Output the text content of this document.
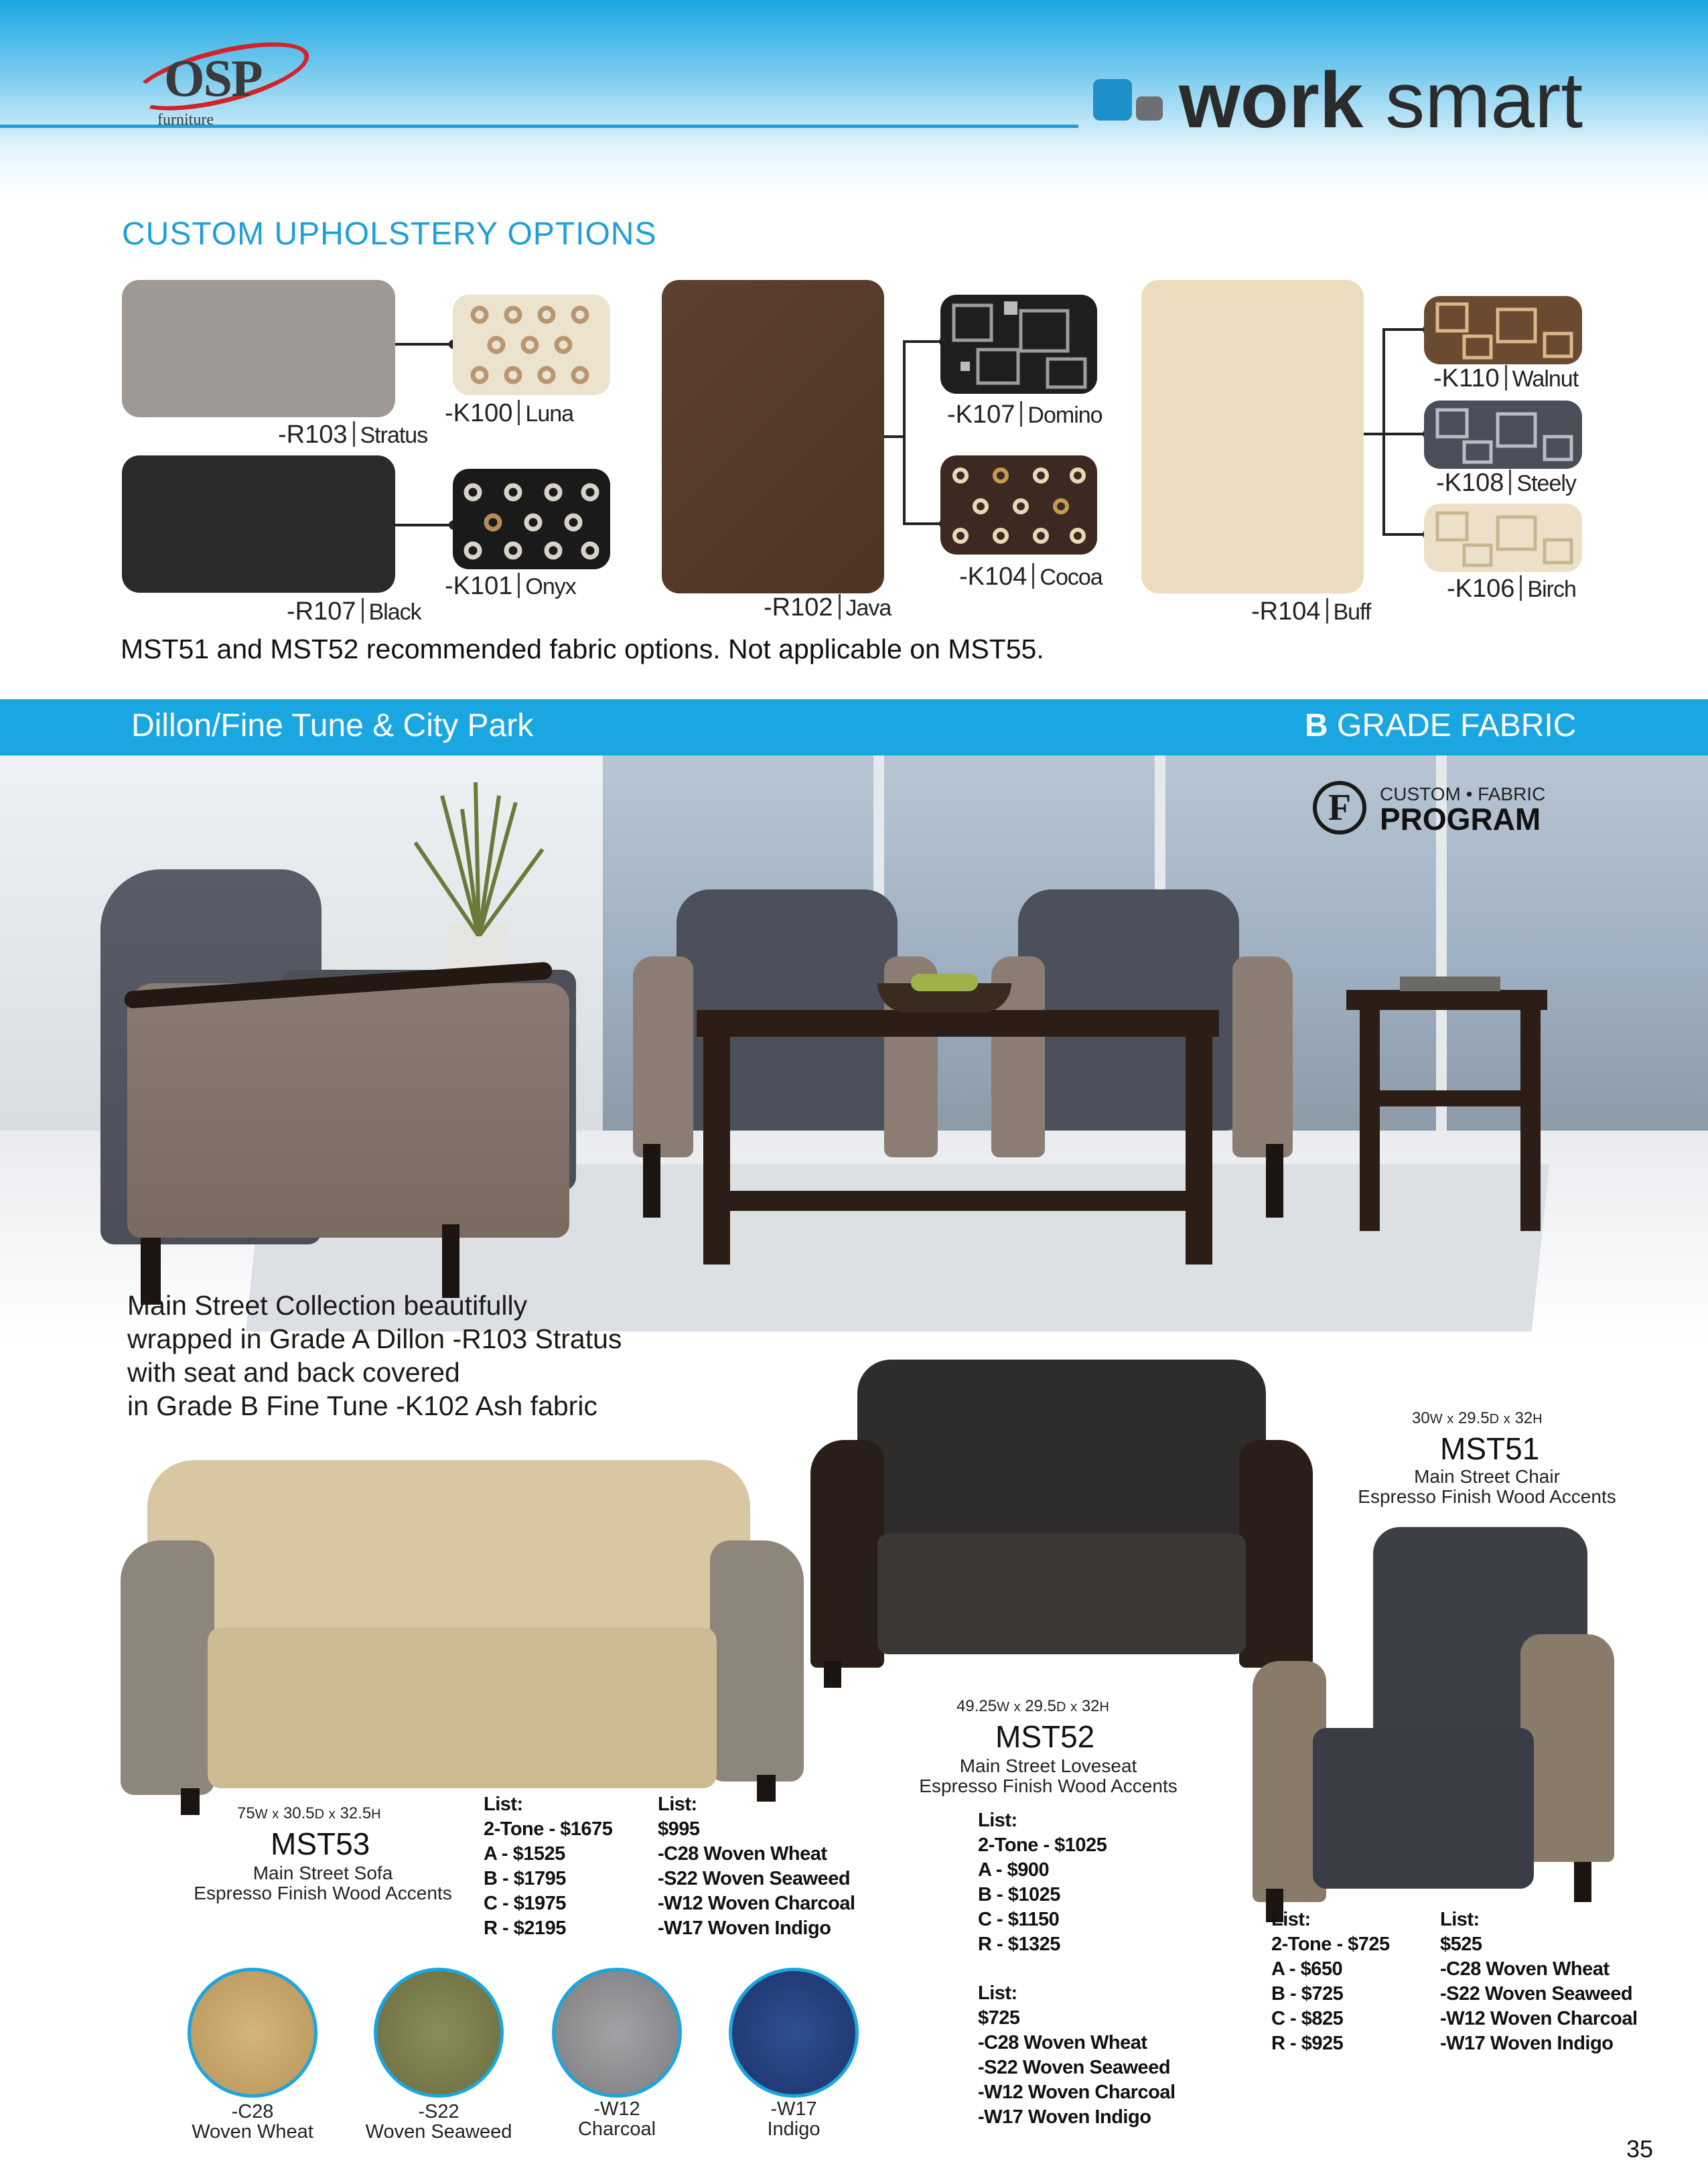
OSP
furniture	work smart
CUSTOM UPHOLSTERY OPTIONS
-R103 Stratus
-R107 Black
-K100 Luna
-K101 Onyx
-R102 Java
-K107 Domino
-K104 Cocoa
-R104 Buff
-K110 Walnut
-K108 Steely
-K106 Birch
MST51 and MST52 recommended fabric options. Not applicable on MST55.
Dillon/Fine Tune & City Park	B GRADE FABRIC
F	CUSTOM • FABRIC
PROGRAM
Main Street Collection beautifully
wrapped in Grade A Dillon -R103 Stratus
with seat and back covered
in Grade B Fine Tune -K102 Ash fabric	30W x 29.5D x 32H
MST51
Main Street Chair
Espresso Finish Wood Accents
49.25W x 29.5D x 32H
MST52
Main Street Loveseat
Espresso Finish Wood Accents
75W x 30.5D x 32.5H
MST53
Main Street Sofa
Espresso Finish Wood Accents
List:
2-Tone - $1675
A - $1525
B - $1795
C - $1975
R - $2195
List:
$995
-C28 Woven Wheat
-S22 Woven Seaweed
-W12 Woven Charcoal
-W17 Woven Indigo
List:
2-Tone - $1025
A - $900
B - $1025
C - $1150
R - $1325
List:
$725
-C28 Woven Wheat
-S22 Woven Seaweed
-W12 Woven Charcoal
-W17 Woven Indigo
List:
2-Tone - $725
A - $650
B - $725
C - $825
R - $925
List:
$525
-C28 Woven Wheat
-S22 Woven Seaweed
-W12 Woven Charcoal
-W17 Woven Indigo
-C28
Woven Wheat
-S22
Woven Seaweed
-W12
Charcoal
-W17
Indigo
35
